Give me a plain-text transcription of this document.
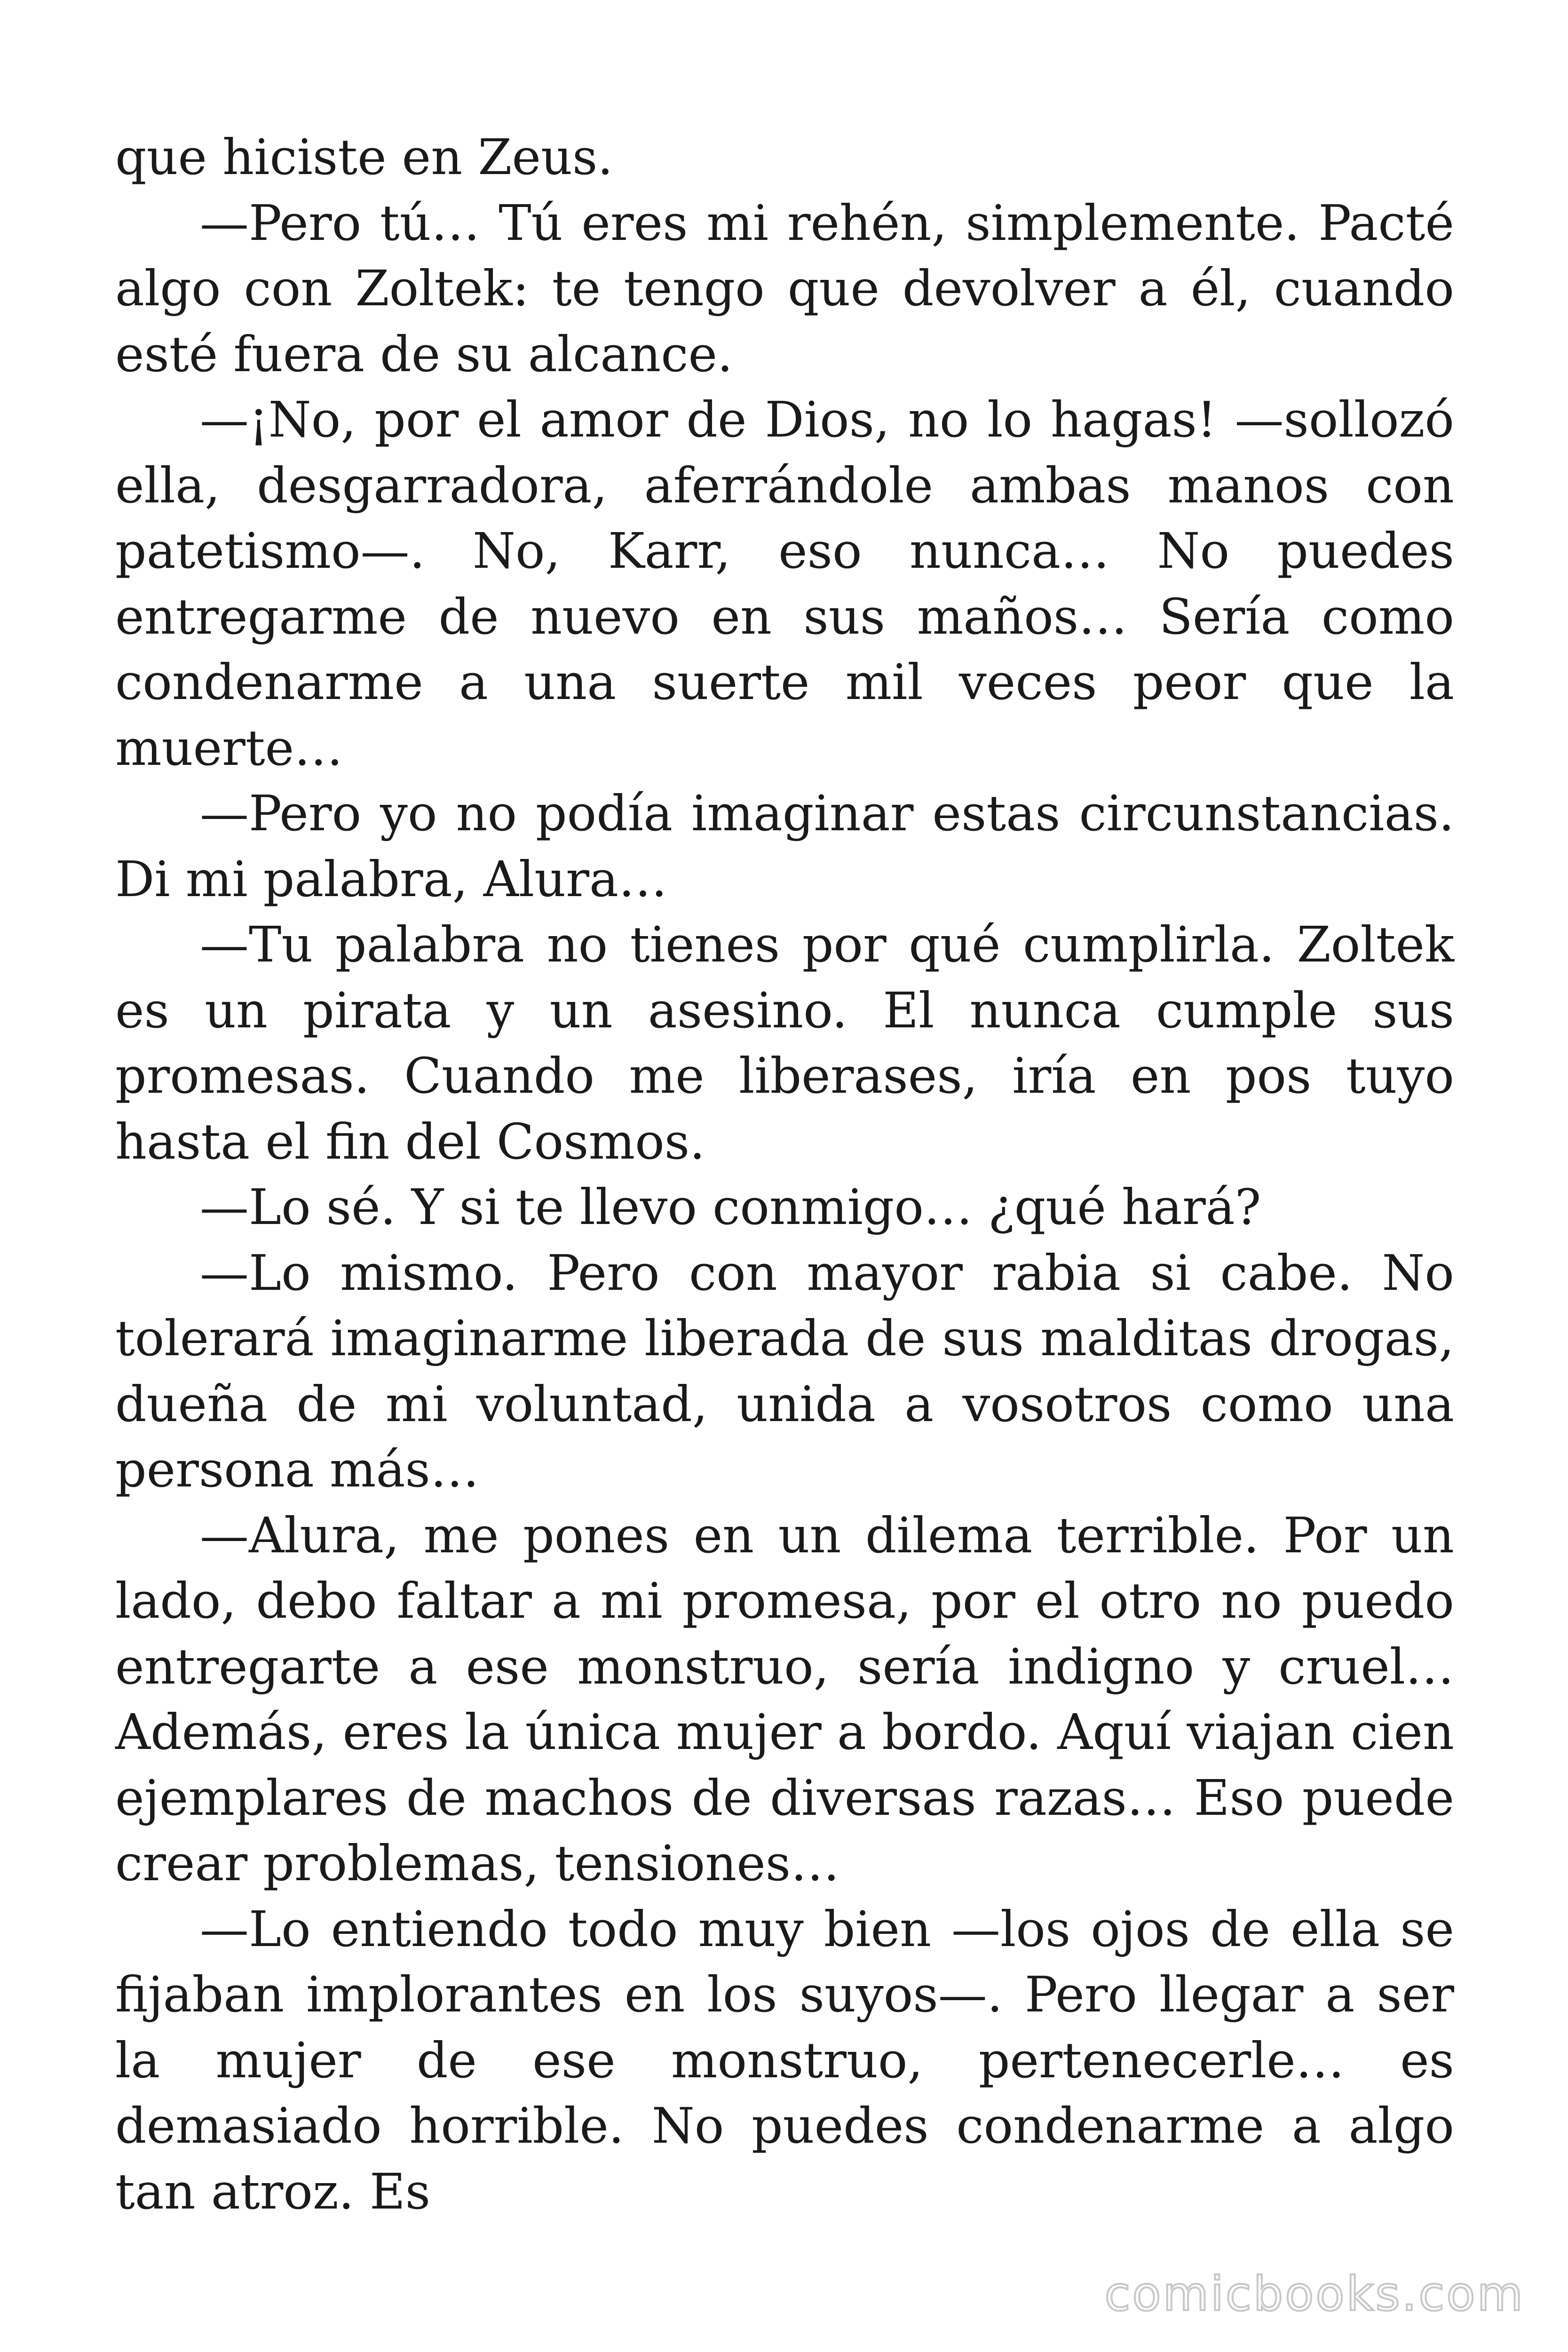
que hiciste en Zeus.

—Pero tú… Tú eres mi rehén, simplemente. Pacté algo con Zoltek: te tengo que devolver a él, cuando esté fuera de su alcance.

—¡No, por el amor de Dios, no lo hagas! —sollozó ella, desgarradora, aferrándole ambas manos con patetismo—. No, Karr, eso nunca… No puedes entregarme de nuevo en sus maños… Sería como condenarme a una suerte mil veces peor que la muerte…

—Pero yo no podía imaginar estas circunstancias. Di mi palabra, Alura…

—Tu palabra no tienes por qué cumplirla. Zoltek es un pirata y un asesino. El nunca cumple sus promesas. Cuando me liberases, iría en pos tuyo hasta el fin del Cosmos.

—Lo sé. Y si te llevo conmigo… ¿qué hará?

—Lo mismo. Pero con mayor rabia si cabe. No tolerará imaginarme liberada de sus malditas drogas, dueña de mi voluntad, unida a vosotros como una persona más…

—Alura, me pones en un dilema terrible. Por un lado, debo faltar a mi promesa, por el otro no puedo entregarte a ese monstruo, sería indigno y cruel… Además, eres la única mujer a bordo. Aquí viajan cien ejemplares de machos de diversas razas… Eso puede crear problemas, tensiones…

—Lo entiendo todo muy bien —los ojos de ella se fijaban implorantes en los suyos—. Pero llegar a ser la mujer de ese monstruo, pertenecerle… es demasiado horrible. No puedes condenarme a algo tan atroz. Es

comicbooks.com
